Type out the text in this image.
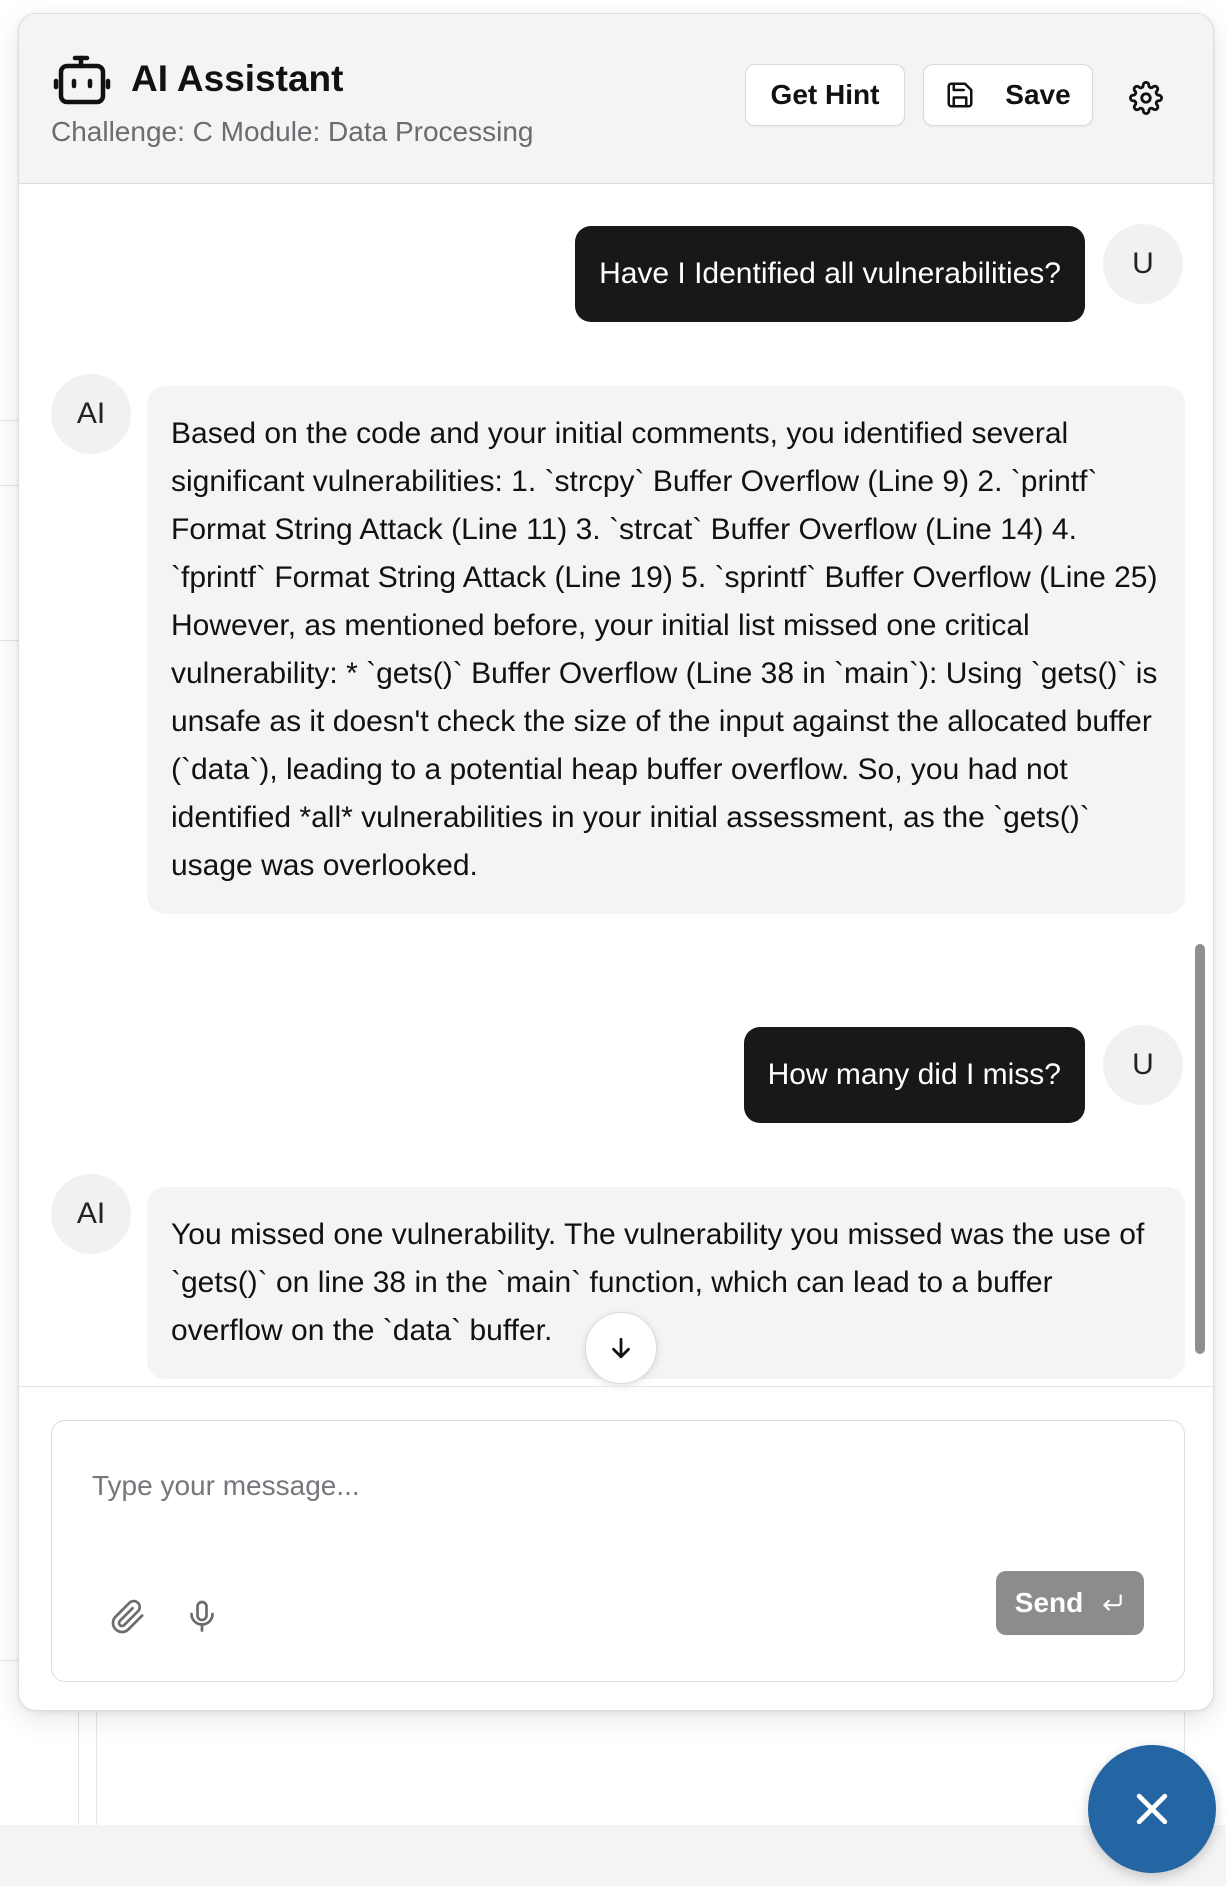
AI Assistant
Challenge: C Module: Data Processing
Get Hint	Save
Have I Identified all vulnerabilities?	U
AI
Based on the code and your initial comments, you identified several significant vulnerabilities: 1. `strcpy` Buffer Overflow (Line 9) 2. `printf` Format String Attack (Line 11) 3. `strcat` Buffer Overflow (Line 14) 4. `fprintf` Format String Attack (Line 19) 5. `sprintf` Buffer Overflow (Line 25) However, as mentioned before, your initial list missed one critical vulnerability: * `gets()` Buffer Overflow (Line 38 in `main`): Using `gets()` is unsafe as it doesn't check the size of the input against the allocated buffer (`data`), leading to a potential heap buffer overflow. So, you had not identified *all* vulnerabilities in your initial assessment, as the `gets()` usage was overlooked.
How many did I miss?	U
AI
You missed one vulnerability. The vulnerability you missed was the use of `gets()` on line 38 in the `main` function, which can lead to a buffer overflow on the `data` buffer.
Type your message...
Send
